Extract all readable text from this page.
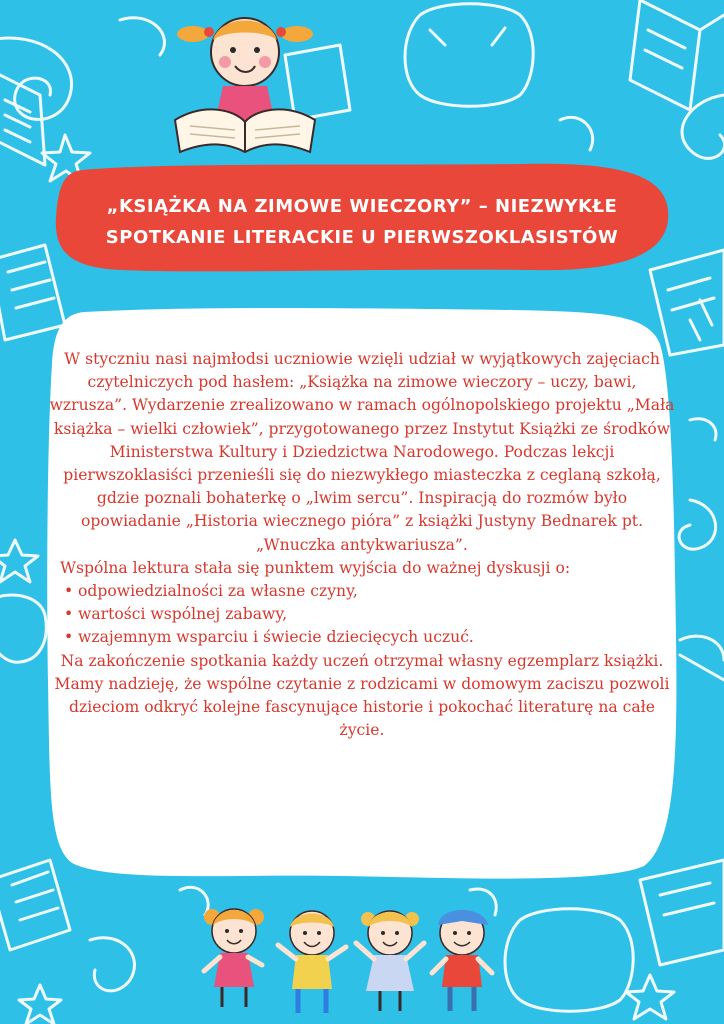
„KSIĄŻKA NA ZIMOWE WIECZORY” – NIEZWYKŁE
SPOTKANIE LITERACKIE U PIERWSZOKLASISTÓW

W styczniu nasi najmłodsi uczniowie wzięli udział w wyjątkowych zajęciach czytelniczych pod hasłem: „Książka na zimowe wieczory – uczy, bawi, wzrusza”. Wydarzenie zrealizowano w ramach ogólnopolskiego projektu „Mała książka – wielki człowiek”, przygotowanego przez Instytut Książki ze środków Ministerstwa Kultury i Dziedzictwa Narodowego. Podczas lekcji pierwszoklasiści przenieśli się do niezwykłego miasteczka z ceglaną szkołą, gdzie poznali bohaterkę o „lwim sercu”. Inspiracją do rozmów było opowiadanie „Historia wiecznego pióra” z książki Justyny Bednarek pt. „Wnuczka antykwariusza”.

Wspólna lektura stała się punktem wyjścia do ważnej dyskusji o:

• odpowiedzialności za własne czyny,
• wartości wspólnej zabawy,
• wzajemnym wsparciu i świecie dziecięcych uczuć.

Na zakończenie spotkania każdy uczeń otrzymał własny egzemplarz książki. Mamy nadzieję, że wspólne czytanie z rodzicami w domowym zaciszu pozwoli dzieciom odkryć kolejne fascynujące historie i pokochać literaturę na całe życie.
